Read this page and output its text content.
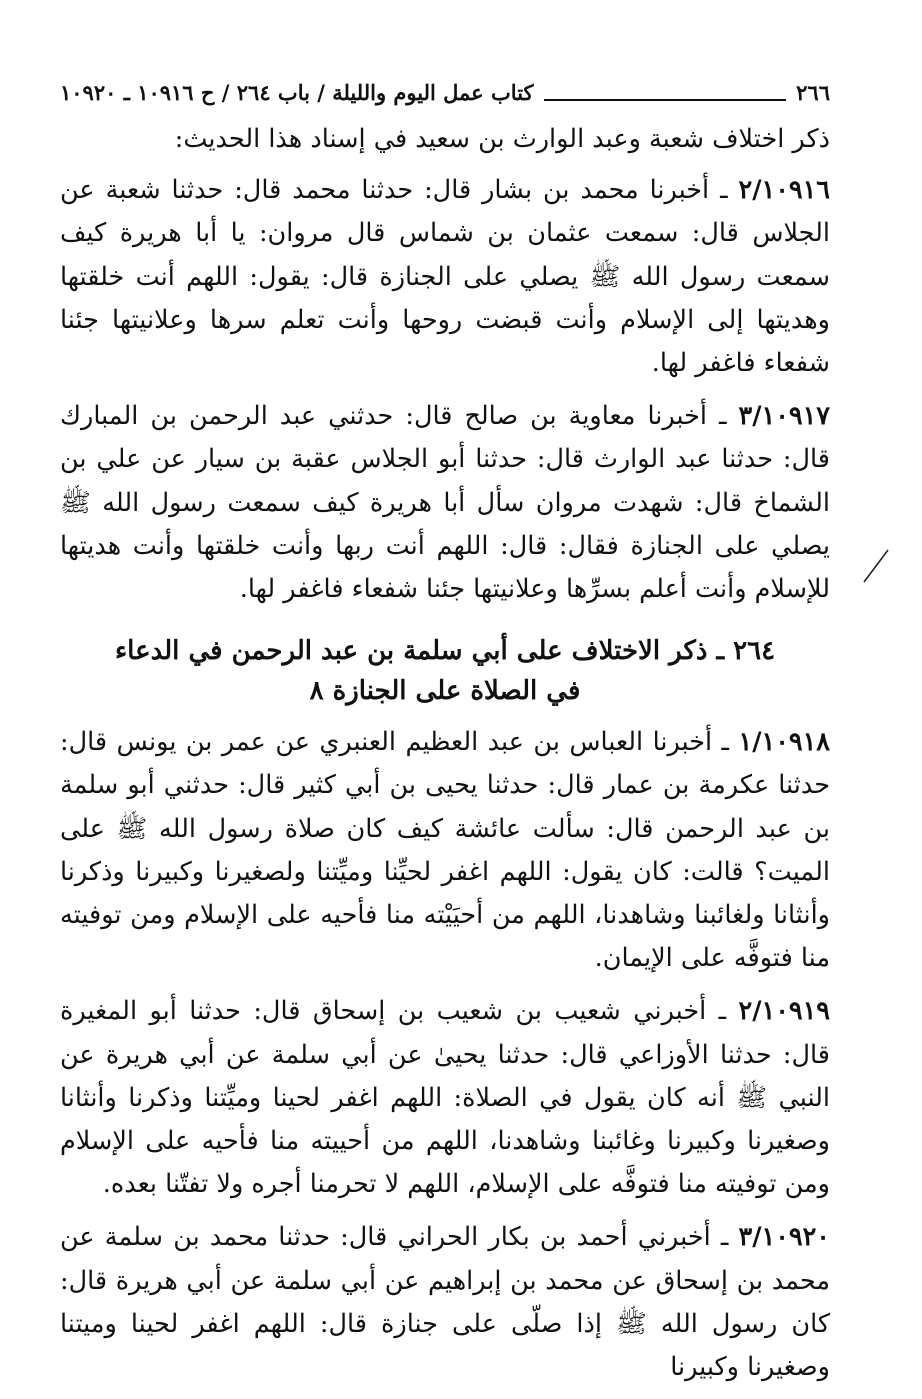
٢٦٦
كتاب عمل اليوم والليلة / باب ٢٦٤ / ح ١٠٩١٦ ـ ١٠٩٢٠

ذكر اختلاف شعبة وعبد الوارث بن سعيد في إسناد هذا الحديث:

٢/١٠٩١٦ ـ أخبرنا محمد بن بشار قال: حدثنا محمد قال: حدثنا شعبة عن الجلاس قال: سمعت عثمان بن شماس قال مروان: يا أبا هريرة كيف سمعت رسول الله ﷺ يصلي على الجنازة قال: يقول: اللهم أنت خلقتها وهديتها إلى الإسلام وأنت قبضت روحها وأنت تعلم سرها وعلانيتها جئنا شفعاء فاغفر لها.

٣/١٠٩١٧ ـ أخبرنا معاوية بن صالح قال: حدثني عبد الرحمن بن المبارك قال: حدثنا عبد الوارث قال: حدثنا أبو الجلاس عقبة بن سيار عن علي بن الشماخ قال: شهدت مروان سأل أبا هريرة كيف سمعت رسول الله ﷺ يصلي على الجنازة فقال: قال: اللهم أنت ربها وأنت خلقتها وأنت هديتها للإسلام وأنت أعلم بسرِّها وعلانيتها جئنا شفعاء فاغفر لها.

٢٦٤ ـ ذكر الاختلاف على أبي سلمة بن عبد الرحمن في الدعاء
في الصلاة على الجنازة ٨

١/١٠٩١٨ ـ أخبرنا العباس بن عبد العظيم العنبري عن عمر بن يونس قال: حدثنا عكرمة بن عمار قال: حدثنا يحيى بن أبي كثير قال: حدثني أبو سلمة بن عبد الرحمن قال: سألت عائشة كيف كان صلاة رسول الله ﷺ على الميت؟ قالت: كان يقول: اللهم اغفر لحيِّنا وميِّتنا ولصغيرنا وكبيرنا وذكرنا وأنثانا ولغائبنا وشاهدنا، اللهم من أحيَيْته منا فأحيه على الإسلام ومن توفيته منا فتوفَّه على الإيمان.

٢/١٠٩١٩ ـ أخبرني شعيب بن شعيب بن إسحاق قال: حدثنا أبو المغيرة قال: حدثنا الأوزاعي قال: حدثنا يحيىٰ عن أبي سلمة عن أبي هريرة عن النبي ﷺ أنه كان يقول في الصلاة: اللهم اغفر لحينا وميِّتنا وذكرنا وأنثانا وصغيرنا وكبيرنا وغائبنا وشاهدنا، اللهم من أحييته منا فأحيه على الإسلام ومن توفيته منا فتوفَّه على الإسلام، اللهم لا تحرمنا أجره ولا تفتّنا بعده.

٣/١٠٩٢٠ ـ أخبرني أحمد بن بكار الحراني قال: حدثنا محمد بن سلمة عن محمد بن إسحاق عن محمد بن إبراهيم عن أبي سلمة عن أبي هريرة قال: كان رسول الله ﷺ إذا صلّى على جنازة قال: اللهم اغفر لحينا وميتنا وصغيرنا وكبيرنا
